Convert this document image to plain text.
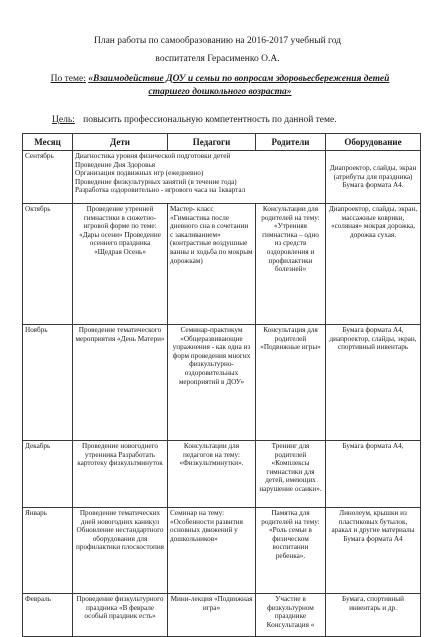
План работы по самообразованию на 2016-2017 учебный год
воспитателя Герасименко О.А.
По теме: «Взаимодействие ДОУ и семьи по вопросам здоровьесбережения детей старшего дошкольного возраста»
Цель: повысить профессиональную компетентность по данной теме.
Месяц	Дети	Педагоги	Родители	Оборудование
Сентябрь	Диагностика уровня физической подготовки детей
Проведение Дня Здоровья
Организация подвижных игр (ежедневно)
Проведение физкультурных занятий (в течение года)
Разработка оздоровительно - игрового часа на 1квартал			Диапроектор, слайды, экран (атрибуты для праздника) Бумага формата А4.
Октябрь	Проведение утренней гимнастики в сюжетно-игровой форме по теме: «Дары осени» Проведение осеннего праздника «Щедрая Осень»	Мастер- класс «Гимнастика после дневного сна в сочетании с закаливанием» (контрастные воздушные ванны и ходьба по мокрым дорожкам)	Консультации для родителей на тему: «Утренняя гимнастика – одно из средств оздоровления и профилактики болезней»	Диапроектор, слайды, экран, массажные коврики, «соляная» мокрая дорожка, дорожка сухая.
Ноябрь	Проведение тематического мероприятия «День Матери»	Семинар-практикум «Общеразвивающие упражнения - как одна из форм проведения многих физкультурно-оздоровительных мероприятий в ДОУ»	Консультация для родителей «Подвижные игры»	Бумага формата А4, диапроектор, слайды, экран, спортивный инвентарь
Декабрь	Проведение новогоднего утренника Разработать картотеку физкультминуток	Консультации для педагогов на тему: «Физкультминутки».	Тренинг для родителей «Комплексы гимнастики для детей, имеющих нарушение осанки».	Бумага формата А4,
Январь	Проведение тематических дней новогодних каникул Обновление нестандартного оборудования для профилактики плоскостопия	Семинар на тему: «Особенности развития основных движений у дошкольников»	Памятка для родителей на тему: «Роль семьи в физическом воспитании ребенка».	Линолеум, крышки из пластиковых бутылок, аракал и другие материалы Бумага формата А4
Февраль	Проведение физкультурного праздника «В феврале особый праздник есть»	Мини-лекция «Подвижная игра»	Участие в физкультурном празднике Консультация «	Бумага, спортивный инвентарь и др.
